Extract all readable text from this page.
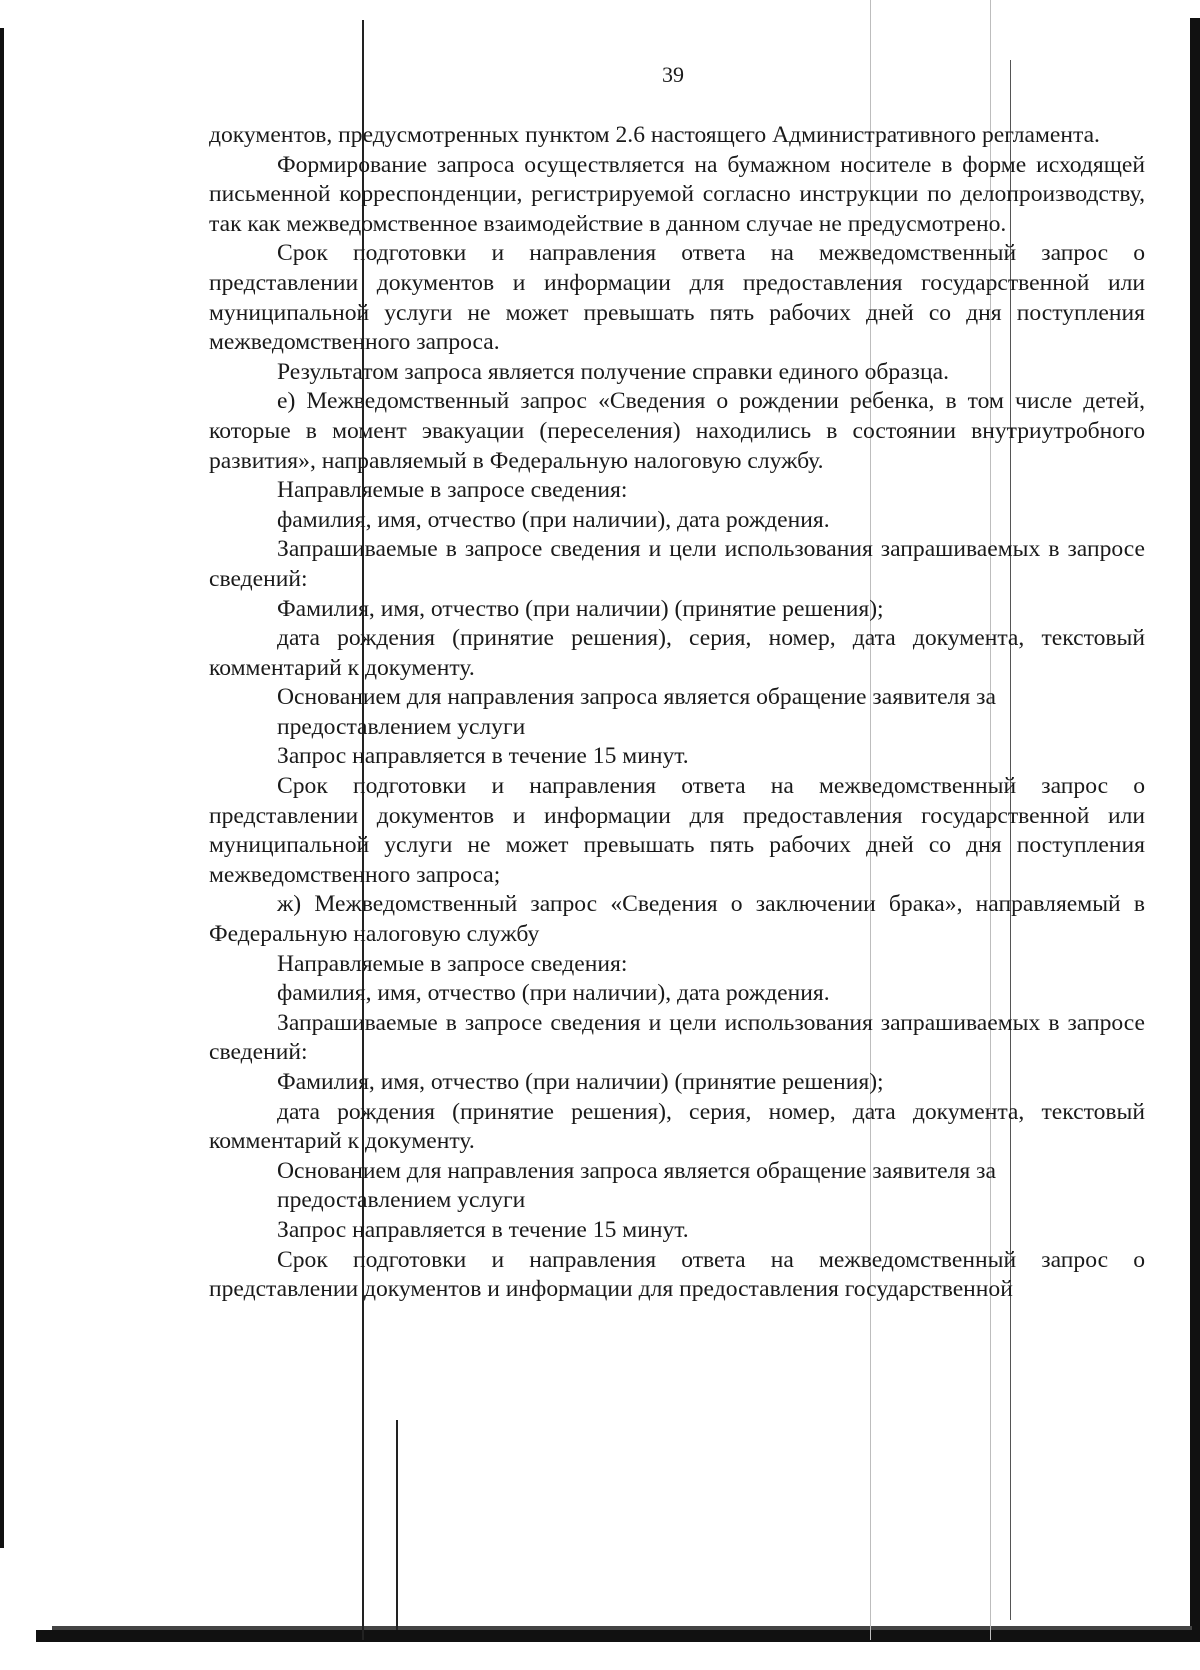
39

документов, предусмотренных пунктом 2.6 настоящего Административного регламента.

Формирование запроса осуществляется на бумажном носителе в форме исходящей письменной корреспонденции, регистрируемой согласно инструкции по делопроизводству, так как межведомственное взаимодействие в данном случае не предусмотрено.

Срок подготовки и направления ответа на межведомственный запрос о представлении документов и информации для предоставления государственной или муниципальной услуги не может превышать пять рабочих дней со дня поступления межведомственного запроса.

Результатом запроса является получение справки единого образца.

е) Межведомственный запрос «Сведения о рождении ребенка, в том числе детей, которые в момент эвакуации (переселения) находились в состоянии внутриутробного развития», направляемый в Федеральную налоговую службу.

Направляемые в запросе сведения:

фамилия, имя, отчество (при наличии), дата рождения.

Запрашиваемые в запросе сведения и цели использования запрашиваемых в запросе сведений:

Фамилия, имя, отчество (при наличии) (принятие решения);

дата рождения (принятие решения), серия, номер, дата документа, текстовый комментарий к документу.

Основанием для направления запроса является обращение заявителя за предоставлением услуги

Запрос направляется в течение 15 минут.

Срок подготовки и направления ответа на межведомственный запрос о представлении документов и информации для предоставления государственной или муниципальной услуги не может превышать пять рабочих дней со дня поступления межведомственного запроса;

ж) Межведомственный запрос «Сведения о заключении брака», направляемый в Федеральную налоговую службу

Направляемые в запросе сведения:

фамилия, имя, отчество (при наличии), дата рождения.

Запрашиваемые в запросе сведения и цели использования запрашиваемых в запросе сведений:

Фамилия, имя, отчество (при наличии) (принятие решения);

дата рождения (принятие решения), серия, номер, дата документа, текстовый комментарий к документу.

Основанием для направления запроса является обращение заявителя за предоставлением услуги

Запрос направляется в течение 15 минут.

Срок подготовки и направления ответа на межведомственный запрос о представлении документов и информации для предоставления государственной
